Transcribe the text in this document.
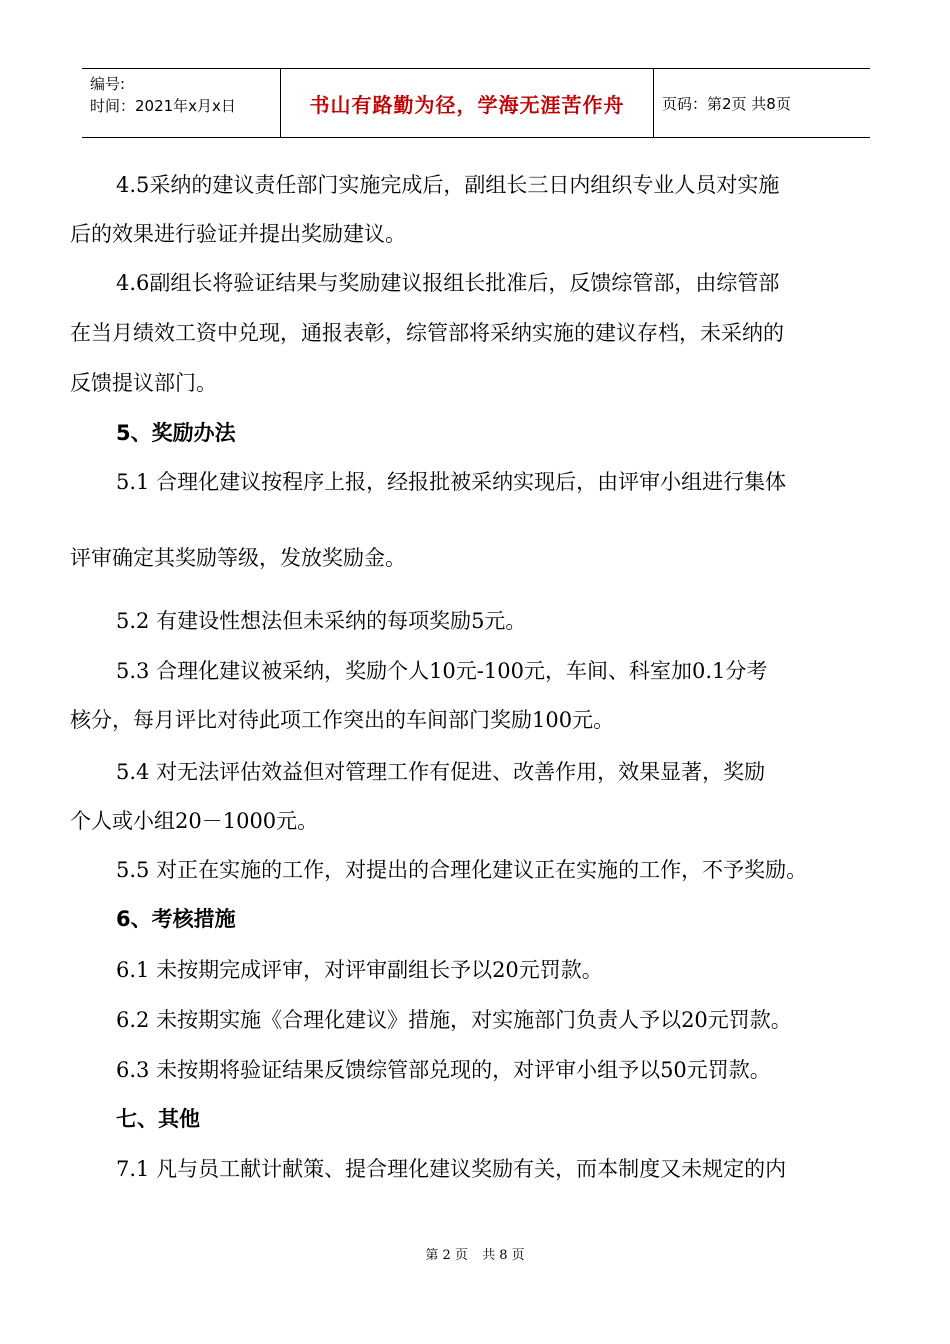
编号:
时间：2021年x月x日	书山有路勤为径，学海无涯苦作舟	页码：第2页 共8页
4.5采纳的建议责任部门实施完成后，副组长三日内组织专业人员对实施
后的效果进行验证并提出奖励建议。
4.6副组长将验证结果与奖励建议报组长批准后，反馈综管部，由综管部
在当月绩效工资中兑现，通报表彰，综管部将采纳实施的建议存档，未采纳的
反馈提议部门。
5、奖励办法
5.1 合理化建议按程序上报，经报批被采纳实现后，由评审小组进行集体
评审确定其奖励等级，发放奖励金。
5.2 有建设性想法但未采纳的每项奖励5元。
5.3 合理化建议被采纳，奖励个人10元-100元，车间、科室加0.1分考
核分，每月评比对待此项工作突出的车间部门奖励100元。
5.4 对无法评估效益但对管理工作有促进、改善作用，效果显著，奖励
个人或小组20－1000元。
5.5 对正在实施的工作，对提出的合理化建议正在实施的工作，不予奖励。
6、考核措施
6.1 未按期完成评审，对评审副组长予以20元罚款。
6.2 未按期实施《合理化建议》措施，对实施部门负责人予以20元罚款。
6.3 未按期将验证结果反馈综管部兑现的，对评审小组予以50元罚款。
七、其他
7.1 凡与员工献计献策、提合理化建议奖励有关，而本制度又未规定的内
第 2 页 共 8 页
